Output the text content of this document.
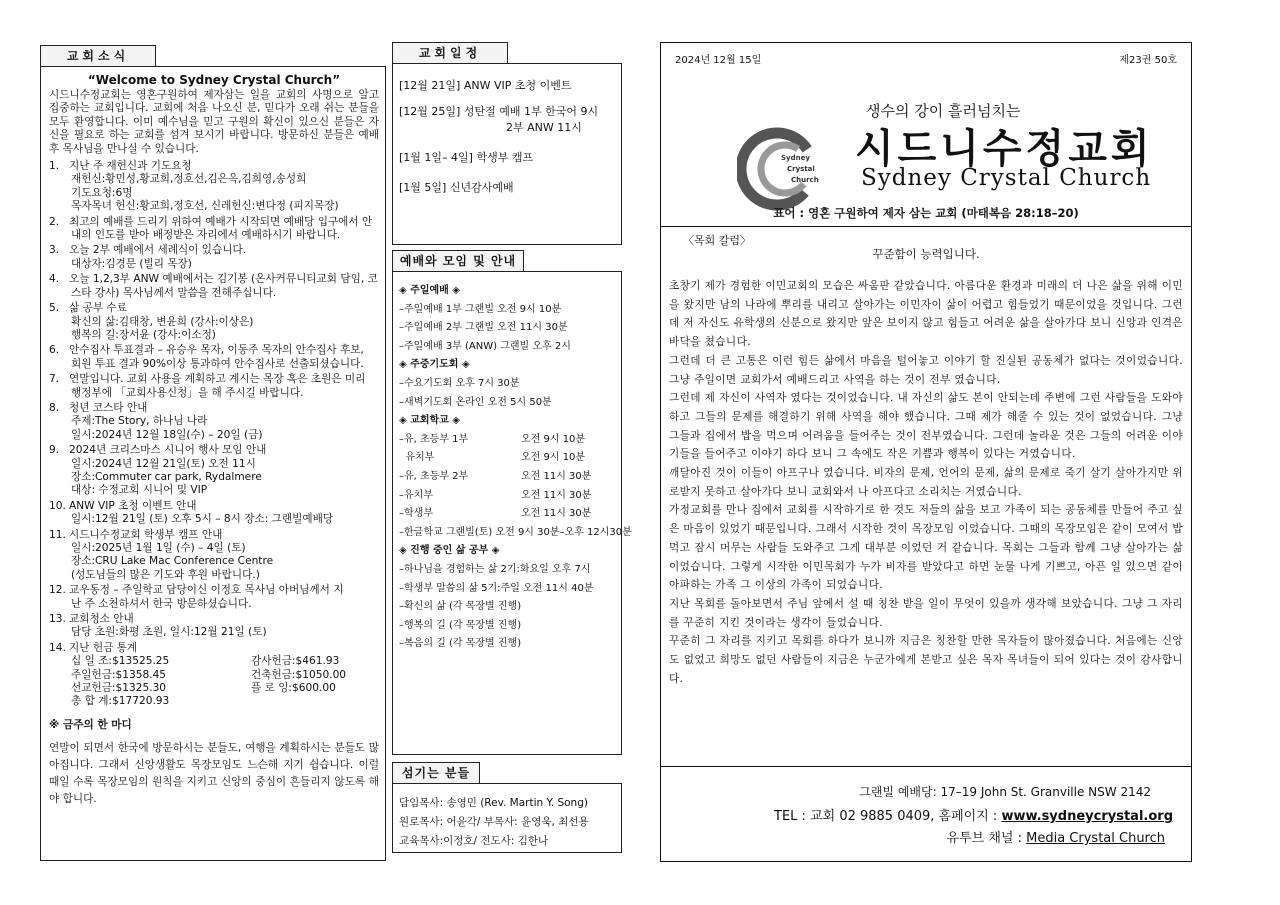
교회소식
“Welcome to Sydney Crystal Church”
시드니수정교회는 영혼구원하여 제자삼는 일을 교회의 사명으로 알고 집중하는 교회입니다. 교회에 처음 나오신 분, 믿다가 오래 쉬는 분들을 모두 환영합니다. 이미 예수님을 믿고 구원의 확신이 있으신 분들은 자신을 필요로 하는 교회를 섬겨 보시기 바랍니다. 방문하신 분들은 예배 후 목사님을 만나실 수 있습니다.
1. 지난 주 재헌신과 기도요청
재헌신:황민성,황교희,정호선,김은옥,김희영,송성희
기도요청:6명
목자목녀 헌신:황교희,정호선, 신레헌신:변다정 (피지목장)
2. 최고의 예배를 드리기 위하여 예배가 시작되면 예배당 입구에서 안
내의 인도를 받아 배정받은 자리에서 예배하시기 바랍니다.
3. 오늘 2부 예배에서 세례식이 있습니다.
대상자:김경문 (빌리 목장)
4. 오늘 1,2,3부 ANW 예배에서는 김기봉 (온사커뮤니티교회 담임, 코
스타 강사) 목사님께서 말씀을 전해주십니다.
5. 삶 공부 수료
확신의 삶:김태창, 변윤희 (강사:이상은)
행복의 길:장서윤 (강사:이소정)
6. 안수집사 투표결과 – 유승우 목자, 이동주 목자의 안수집사 후보,
회원 투표 결과 90%이상 통과하여 안수집사로 선출되셨습니다.
7. 연말입니다. 교회 사용을 계획하고 계시는 목장 혹은 초원은 미리
행정부에 「교회사용신청」을 해 주시길 바랍니다.
8. 청년 코스타 안내
주제:The Story, 하나님 나라
일시:2024년 12월 18일(수) – 20일 (금)
9. 2024년 크리스마스 시니어 행사 모임 안내
일시:2024년 12월 21일(토) 오전 11시
장소:Commuter car park, Rydalmere
대상: 수정교회 시니어 및 VIP
10. ANW VIP 초청 이벤트 안내
일시:12월 21일 (토) 오후 5시 – 8시 장소: 그랜빌예배당
11. 시드니수정교회 학생부 캠프 안내
일시:2025년 1월 1일 (수) – 4일 (토)
장소:CRU Lake Mac Conference Centre
(성도님들의 많은 기도와 후원 바랍니다.)
12. 교우동정 – 주일학교 담당이신 이정호 목사님 아버님께서 지
난 주 소천하셔서 한국 방문하셨습니다.
13. 교회청소 안내
담당 초원:화평 초원, 일시:12월 21일 (토)
14. 지난 헌금 통계
십 일 조:$13525.25	감사헌금:$461.93
주일헌금:$1358.45	건축헌금:$1050.00
선교헌금:$1325.30	플 로 잉:$600.00
총 합 계:$17720.93
※ 금주의 한 마디
연말이 되면서 한국에 방문하시는 분들도, 여행을 계획하시는 분들도 많아집니다. 그래서 신앙생활도 목장모임도 느슨해 지기 쉽습니다. 이럴 때일 수록 목장모임의 원칙을 지키고 신앙의 중심이 흔들리지 않도록 해야 합니다.
교회일정
[12월 21일] ANW VIP 초청 이벤트
[12월 25일] 성탄절 예배 1부 한국어 9시
2부 ANW 11시
[1월 1일– 4일] 학생부 캠프
[1월 5일] 신년감사예배
예배와 모임 및 안내
◈ 주일예배 ◈
–주일예배 1부 그랜빌 오전 9시 10분
–주일예배 2부 그랜빌 오전 11시 30분
–주일예배 3부 (ANW) 그랜빌 오후 2시
◈ 주중기도회 ◈
–수요기도회 오후 7시 30분
–새벽기도회 온라인 오전 5시 50분
◈ 교회학교 ◈
–유, 초등부 1부	오전 9시 10분
유치부	오전 9시 10분
–유, 초등부 2부	오전 11시 30분
–유치부	오전 11시 30분
–학생부	오전 11시 30분
–한글학교 그랜빌(토) 오전 9시 30분–오후 12시30분
◈ 진행 중인 삶 공부 ◈
–하나님을 경험하는 삶 2기:화요일 오후 7시
–학생부 말씀의 삶 5기:주일 오전 11시 40분
–확신의 삶 (각 목장별 진행)
–행복의 길 (각 목장별 진행)
–복음의 길 (각 목장별 진행)
섬기는 분들
담임목사: 송영민 (Rev. Martin Y. Song)
원로목사: 어윤각/ 부목사: 윤영욱, 최선용
교육목사:이정호/ 전도사: 김한나
2024년 12월 15일	제23권 50호
생수의 강이 흘러넘치는
Sydney
Crystal
Church
시드니수정교회
Sydney Crystal Church
표어 : 영혼 구원하여 제자 삼는 교회 (마태복음 28:18–20)
〈목회 칼럼〉
꾸준함이 능력입니다.
초창기 제가 경험한 이민교회의 모습은 싸움판 같았습니다. 아름다운 환경과 미래의 더 나은 삶을 위해 이민을 왔지만 남의 나라에 뿌리를 내리고 살아가는 이민자이 삶이 어렵고 힘들었기 때문이었을 것입니다. 그런데 저 자신도 유학생의 신분으로 왔지만 앞은 보이지 않고 힘들고 어려운 삶을 살아가다 보니 신앙과 인격은 바닥을 쳤습니다.
그런데 더 큰 고통은 이런 힘든 삶에서 마음을 털어놓고 이야기 할 진실된 공동체가 없다는 것이었습니다. 그냥 주일이면 교회가서 예배드리고 사역을 하는 것이 전부 였습니다.
그런데 제 자신이 사역자 였다는 것이었습니다. 내 자신의 삶도 본이 안되는데 주변에 그런 사람들을 도와야하고 그들의 문제를 해결하기 위해 사역을 해야 했습니다. 그때 제가 해줄 수 있는 것이 없었습니다. 그냥 그들과 집에서 밥을 먹으며 어려움을 들어주는 것이 전부였습니다. 그런데 놀라운 것은 그들의 어려운 이야기들을 들어주고 이야기 하다 보니 그 속에도 작은 기쁨과 행복이 있다는 거였습니다.
깨달아진 것이 이들이 아프구나 였습니다. 비자의 문제, 언어의 문제, 삶의 문제로 죽기 살기 살아가지만 위로받지 못하고 살아가다 보니 교회와서 나 아프다고 소리치는 거였습니다.
가정교회를 만나 집에서 교회를 시작하기로 한 것도 저들의 삶을 보고 가족이 되는 공동체를 만들어 주고 싶은 마음이 있었기 때문입니다. 그래서 시작한 것이 목장모임 이었습니다. 그때의 목장모임은 같이 모여서 밥먹고 잠시 머무는 사람들 도와주고 그게 대부분 이었던 거 같습니다. 목회는 그들과 함께 그냥 살아가는 삶이었습니다. 그렇게 시작한 이민목회가 누가 비자를 받았다고 하면 눈물 나게 기쁘고, 아픈 일 있으면 같이 아파하는 가족 그 이상의 가족이 되었습니다.
지난 목회를 돌아보면서 주님 앞에서 설 때 칭찬 받을 일이 무엇이 있을까 생각해 보았습니다. 그냥 그 자리를 꾸준히 지킨 것이라는 생각이 들었습니다.
꾸준히 그 자리를 지키고 목회를 하다가 보니까 지금은 칭찬할 만한 목자들이 많아졌습니다. 처음에는 신앙도 없었고 희망도 없던 사람들이 지금은 누군가에게 본받고 싶은 목자 목녀들이 되어 있다는 것이 감사합니다.
그랜빌 예배당: 17–19 John St. Granville NSW 2142
TEL : 교회 02 9885 0409, 홈페이지 : www.sydneycrystal.org
유투브 채널 : Media Crystal Church
